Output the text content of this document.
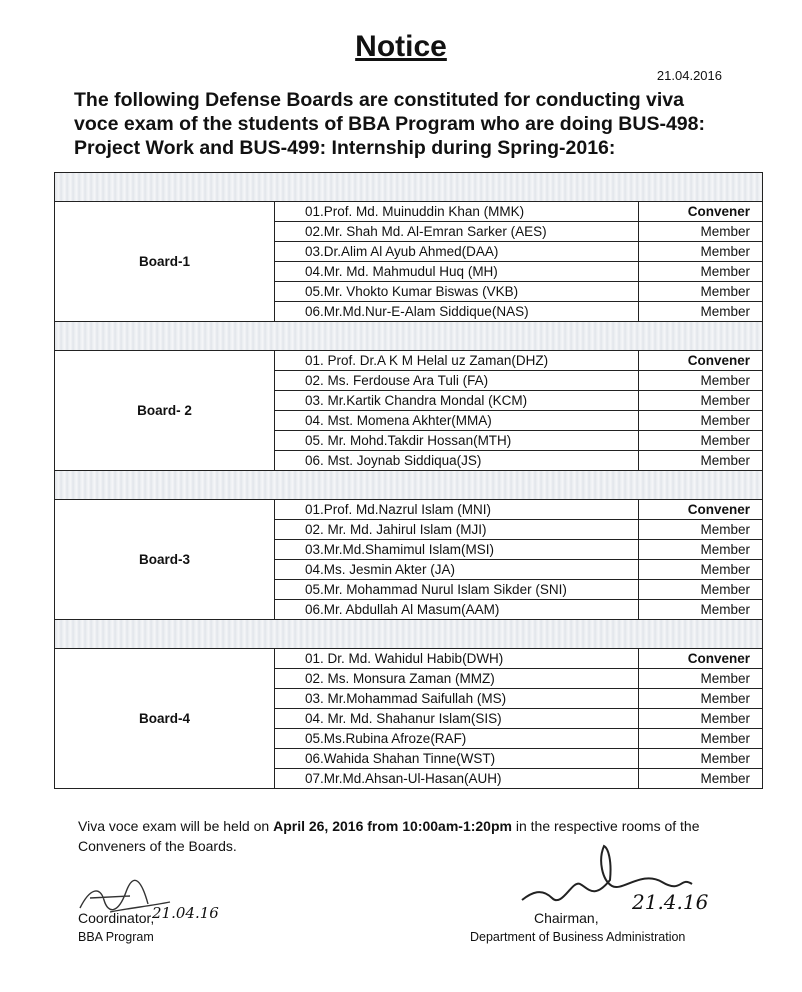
Notice
21.04.2016
The following Defense Boards are constituted for conducting viva voce exam of the students of BBA Program who are doing BUS-498: Project Work and BUS-499: Internship during Spring-2016:

Board-1	01.Prof. Md. Muinuddin Khan (MMK)	Convener
	02.Mr. Shah Md. Al-Emran Sarker (AES)	Member
	03.Dr.Alim Al Ayub Ahmed(DAA)	Member
	04.Mr. Md. Mahmudul Huq (MH)	Member
	05.Mr. Vhokto Kumar Biswas (VKB)	Member
	06.Mr.Md.Nur-E-Alam Siddique(NAS)	Member

Board- 2	01. Prof. Dr.A K M Helal uz Zaman(DHZ)	Convener
	02. Ms. Ferdouse Ara Tuli (FA)	Member
	03. Mr.Kartik Chandra Mondal (KCM)	Member
	04. Mst. Momena Akhter(MMA)	Member
	05. Mr. Mohd.Takdir Hossan(MTH)	Member
	06. Mst. Joynab Siddiqua(JS)	Member

Board-3	01.Prof. Md.Nazrul Islam (MNI)	Convener
	02. Mr. Md. Jahirul Islam (MJI)	Member
	03.Mr.Md.Shamimul Islam(MSI)	Member
	04.Ms. Jesmin Akter (JA)	Member
	05.Mr. Mohammad Nurul Islam Sikder (SNI)	Member
	06.Mr. Abdullah Al Masum(AAM)	Member

Board-4	01. Dr. Md. Wahidul Habib(DWH)	Convener
	02. Ms. Monsura Zaman (MMZ)	Member
	03. Mr.Mohammad Saifullah (MS)	Member
	04. Mr. Md. Shahanur Islam(SIS)	Member
	05.Ms.Rubina Afroze(RAF)	Member
	06.Wahida Shahan Tinne(WST)	Member
	07.Mr.Md.Ahsan-Ul-Hasan(AUH)	Member
Viva voce exam will be held on April 26, 2016 from 10:00am-1:20pm in the respective rooms of the Conveners of the Boards.
Coordinator,
21.04.16
BBA Program
21.4.16
Chairman,
Department of Business Administration
